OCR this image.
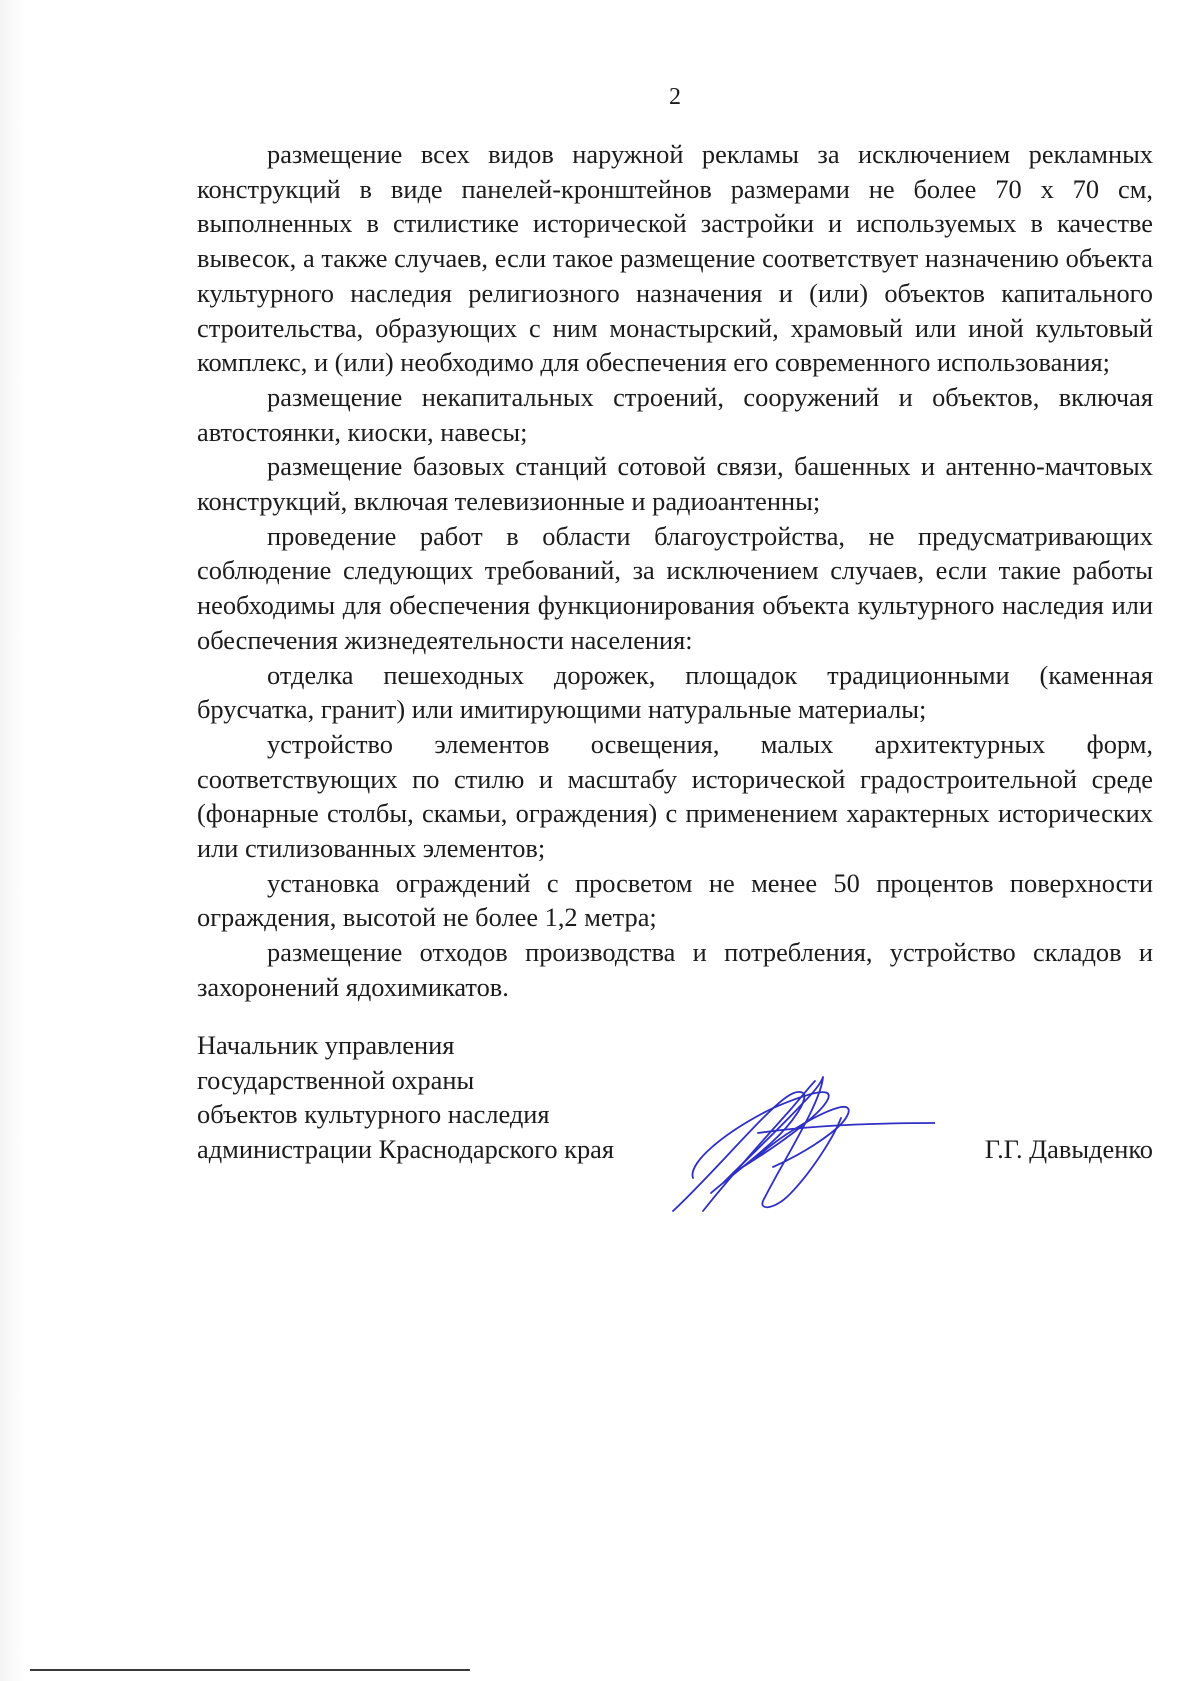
2

размещение всех видов наружной рекламы за исключением рекламных конструкций в виде панелей-кронштейнов размерами не более 70 х 70 см, выполненных в стилистике исторической застройки и используемых в качестве вывесок, а также случаев, если такое размещение соответствует назначению объекта культурного наследия религиозного назначения и (или) объектов капитального строительства, образующих с ним монастырский, храмовый или иной культовый комплекс, и (или) необходимо для обеспечения его современного использования;

размещение некапитальных строений, сооружений и объектов, включая автостоянки, киоски, навесы;

размещение базовых станций сотовой связи, башенных и антенно-мачтовых конструкций, включая телевизионные и радиоантенны;

проведение работ в области благоустройства, не предусматривающих соблюдение следующих требований, за исключением случаев, если такие работы необходимы для обеспечения функционирования объекта культурного наследия или обеспечения жизнедеятельности населения:

отделка пешеходных дорожек, площадок традиционными (каменная брусчатка, гранит) или имитирующими натуральные материалы;

устройство элементов освещения, малых архитектурных форм, соответствующих по стилю и масштабу исторической градостроительной среде (фонарные столбы, скамьи, ограждения) с применением характерных исторических или стилизованных элементов;

установка ограждений с просветом не менее 50 процентов поверхности ограждения, высотой не более 1,2 метра;

размещение отходов производства и потребления, устройство складов и захоронений ядохимикатов.

Начальник управления
государственной охраны
объектов культурного наследия
администрации Краснодарского края	Г.Г. Давыденко
